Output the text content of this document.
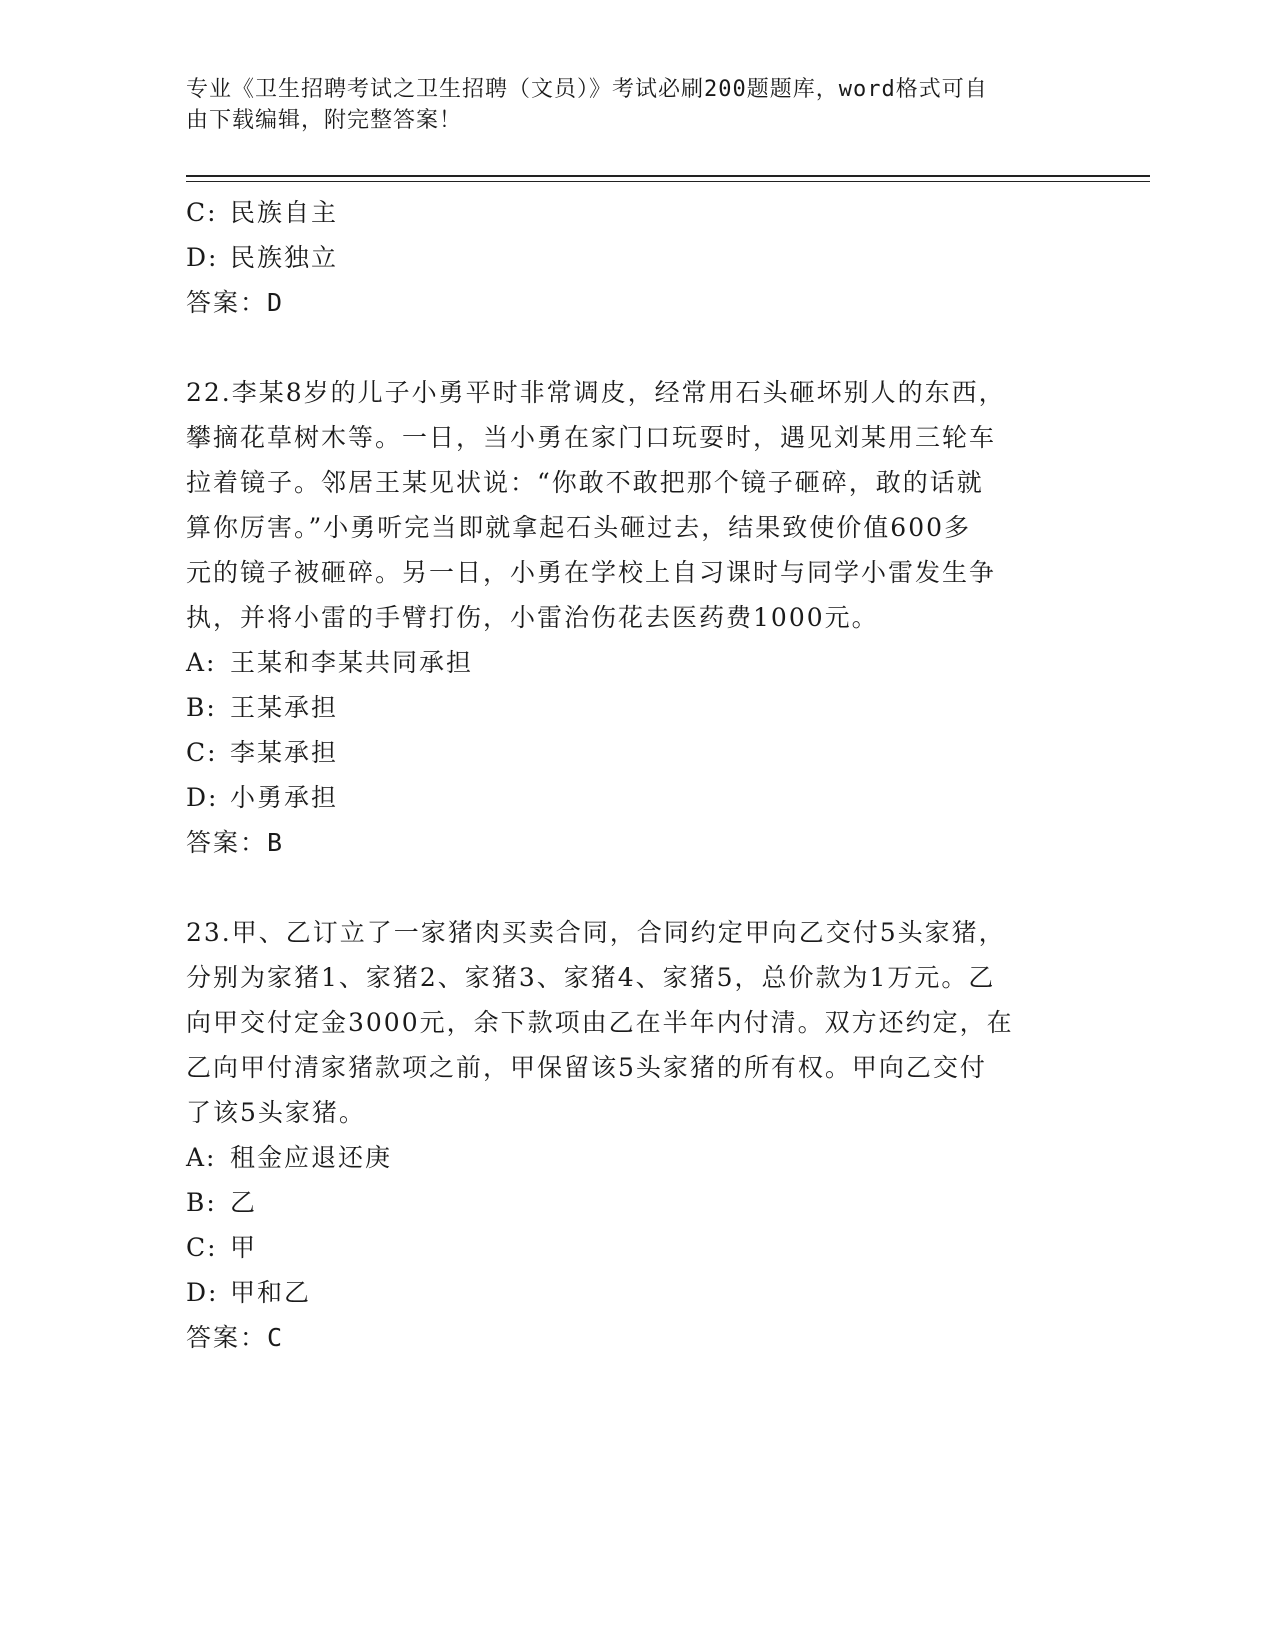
专业《卫生招聘考试之卫生招聘（文员）》考试必刷200题题库，word格式可自
由下载编辑，附完整答案！
C: 民族自主
D: 民族独立
答案：D
22.李某8岁的儿子小勇平时非常调皮，经常用石头砸坏别人的东西，
攀摘花草树木等。一日，当小勇在家门口玩耍时，遇见刘某用三轮车
拉着镜子。邻居王某见状说：“你敢不敢把那个镜子砸碎，敢的话就
算你厉害。”小勇听完当即就拿起石头砸过去，结果致使价值600多
元的镜子被砸碎。另一日，小勇在学校上自习课时与同学小雷发生争
执，并将小雷的手臂打伤，小雷治伤花去医药费1000元。
A: 王某和李某共同承担
B: 王某承担
C: 李某承担
D: 小勇承担
答案：B
23.甲、乙订立了一家猪肉买卖合同，合同约定甲向乙交付5头家猪，
分别为家猪1、家猪2、家猪3、家猪4、家猪5，总价款为1万元。乙
向甲交付定金3000元，余下款项由乙在半年内付清。双方还约定，在
乙向甲付清家猪款项之前，甲保留该5头家猪的所有权。甲向乙交付
了该5头家猪。
A: 租金应退还庚
B: 乙
C: 甲
D: 甲和乙
答案：C
